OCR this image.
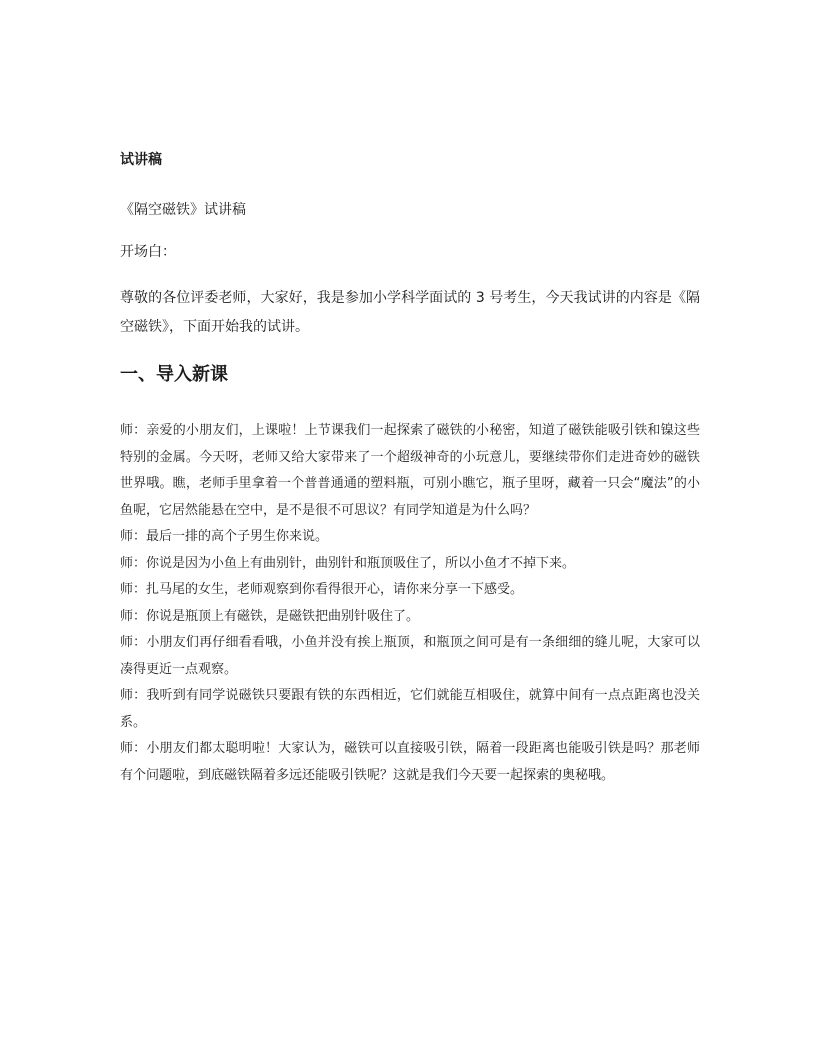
试讲稿

《隔空磁铁》试讲稿

开场白：

尊敬的各位评委老师，大家好，我是参加小学科学面试的 3 号考生，今天我试讲的内容是《隔空磁铁》，下面开始我的试讲。

一、导入新课

师：亲爱的小朋友们，上课啦！上节课我们一起探索了磁铁的小秘密，知道了磁铁能吸引铁和镍这些特别的金属。今天呀，老师又给大家带来了一个超级神奇的小玩意儿，要继续带你们走进奇妙的磁铁世界哦。瞧，老师手里拿着一个普普通通的塑料瓶，可别小瞧它，瓶子里呀，藏着一只会“魔法”的小鱼呢，它居然能悬在空中，是不是很不可思议？有同学知道是为什么吗？

师：最后一排的高个子男生你来说。

师：你说是因为小鱼上有曲别针，曲别针和瓶顶吸住了，所以小鱼才不掉下来。

师：扎马尾的女生，老师观察到你看得很开心，请你来分享一下感受。

师：你说是瓶顶上有磁铁，是磁铁把曲别针吸住了。

师：小朋友们再仔细看看哦，小鱼并没有挨上瓶顶，和瓶顶之间可是有一条细细的缝儿呢，大家可以凑得更近一点观察。

师：我听到有同学说磁铁只要跟有铁的东西相近，它们就能互相吸住，就算中间有一点点距离也没关系。

师：小朋友们都太聪明啦！大家认为，磁铁可以直接吸引铁，隔着一段距离也能吸引铁是吗？那老师有个问题啦，到底磁铁隔着多远还能吸引铁呢？这就是我们今天要一起探索的奥秘哦。
